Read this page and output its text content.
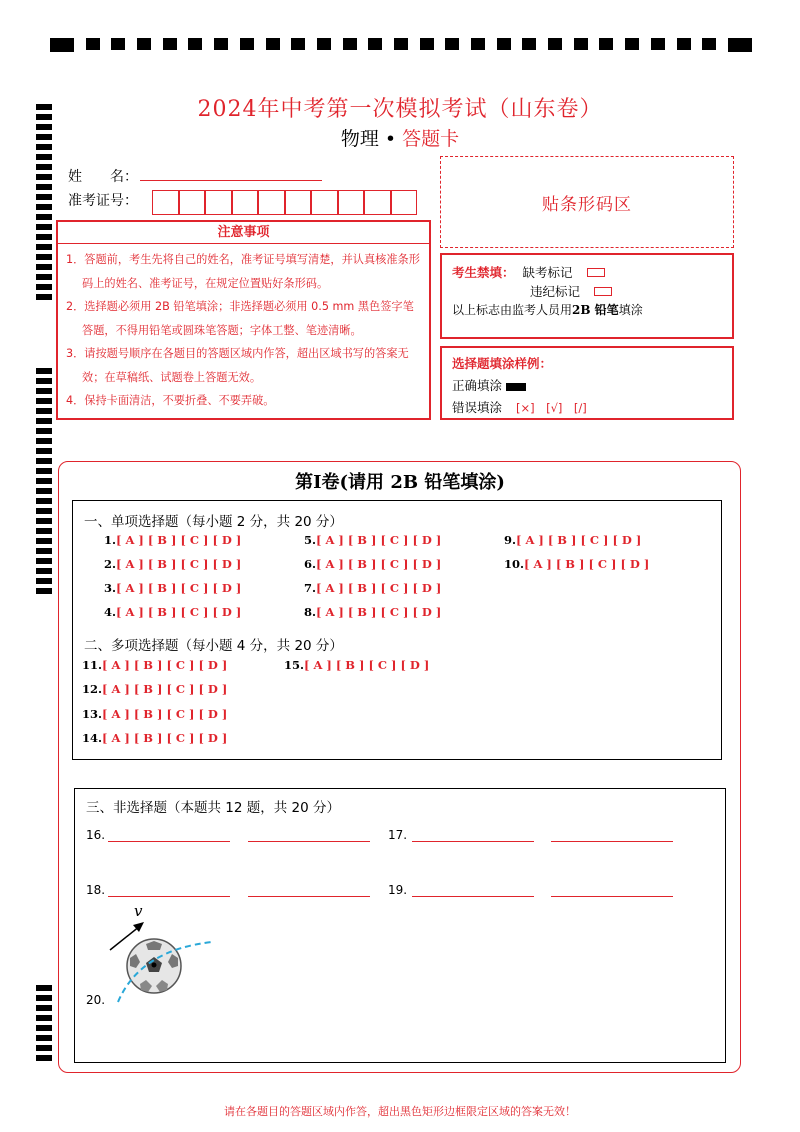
2024年中考第一次模拟考试（山东卷）
物理 • 答题卡
姓　　名：
准考证号：	贴条形码区
注意事项
1．答题前，考生先将自己的姓名，准考证号填写清楚，并认真核准条形码上的姓名、准考证号，在规定位置贴好条形码。
2．选择题必须用 2B 铅笔填涂；非选择题必须用 0.5 mm 黑色签字笔答题，不得用铅笔或圆珠笔答题；字体工整、笔迹清晰。
3．请按题号顺序在各题目的答题区域内作答，超出区域书写的答案无效；在草稿纸、试题卷上答题无效。
4．保持卡面清洁，不要折叠、不要弄破。
考生禁填： 缺考标记
违纪标记
以上标志由监考人员用 2B 铅笔 填涂
选择题填涂样例：
正确填涂
错误填涂 [×]　[√]　[/]
第Ⅰ卷(请用 2B 铅笔填涂)
一、单项选择题（每小题 2 分，共 20 分）
1.[ A ] [ B ] [ C ] [ D ]
2.[ A ] [ B ] [ C ] [ D ]
3.[ A ] [ B ] [ C ] [ D ]
4.[ A ] [ B ] [ C ] [ D ]
5.[ A ] [ B ] [ C ] [ D ]
6.[ A ] [ B ] [ C ] [ D ]
7.[ A ] [ B ] [ C ] [ D ]
8.[ A ] [ B ] [ C ] [ D ]
9.[ A ] [ B ] [ C ] [ D ]
10.[ A ] [ B ] [ C ] [ D ]
二、多项选择题（每小题 4 分，共 20 分）
11.[ A ] [ B ] [ C ] [ D ]
12.[ A ] [ B ] [ C ] [ D ]
13.[ A ] [ B ] [ C ] [ D ]
14.[ A ] [ B ] [ C ] [ D ]
15.[ A ] [ B ] [ C ] [ D ]
三、非选择题（本题共 12 题，共 20 分）
16.	17.
18.	19.
20.
v
请在各题目的答题区域内作答，超出黑色矩形边框限定区域的答案无效！
